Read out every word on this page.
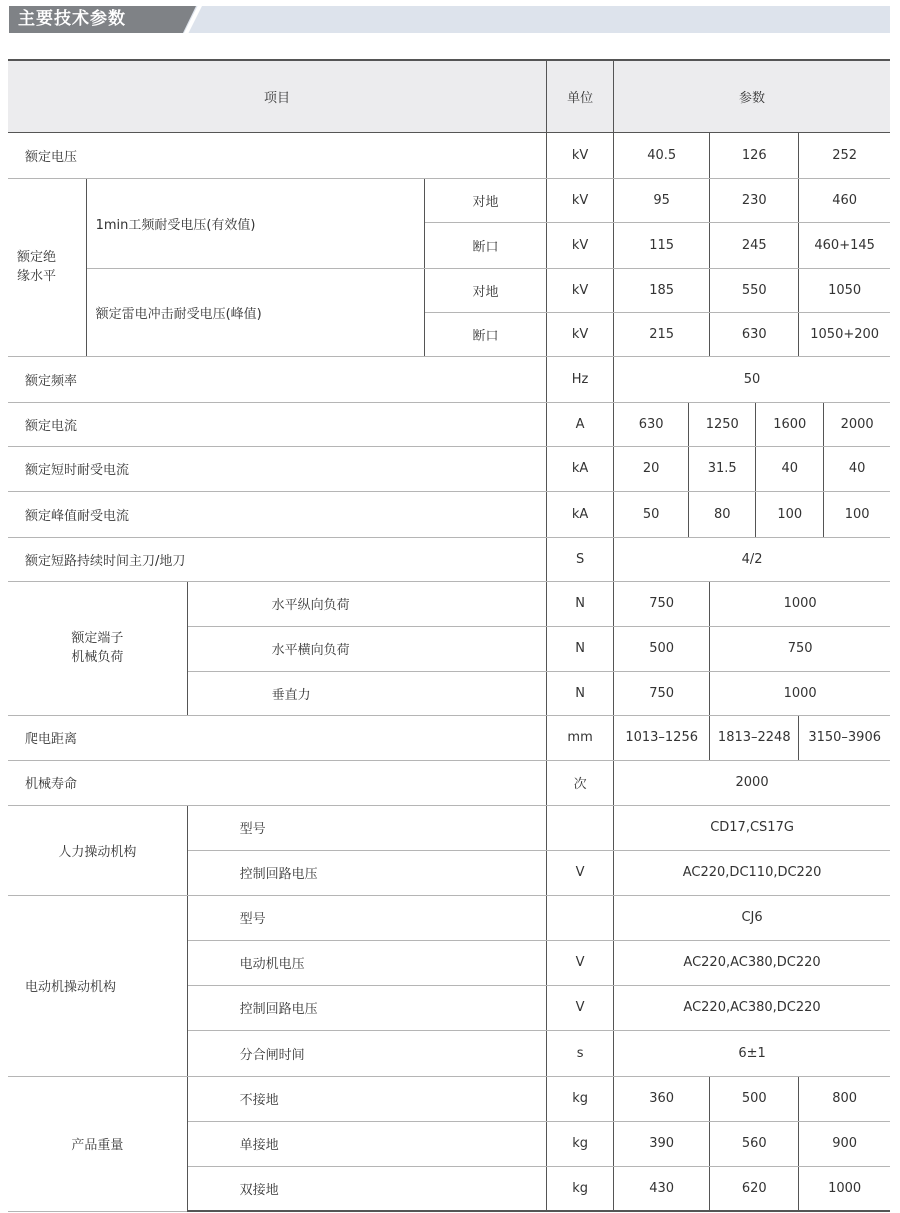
主要技术参数
项目				单位	参数					
额定电压				kV	40.5		126		252	
额定绝
缘水平	1min工频耐受电压(有效值)		对地	kV	95		230		460	
			断口	kV	115		245		460+145	
	额定雷电冲击耐受电压(峰值)		对地	kV	185		550		1050	
			断口	kV	215		630		1050+200	
额定频率				Hz	50					
额定电流				A	630	1250		1600		2000
额定短时耐受电流				kA	20	31.5		40		40
额定峰值耐受电流				kA	50	80		100		100
额定短路持续时间主刀/地刀				S	4/2					
额定端子
机械负荷		水平纵向负荷		N	750		1000			
		水平横向负荷		N	500		750			
		垂直力		N	750		1000			
爬电距离				mm	1013–1256		1813–2248		3150–3906	
机械寿命				次	2000					
人力操动机构		型号			CD17,CS17G					
		控制回路电压		V	AC220,DC110,DC220					
电动机操动机构		型号			CJ6					
		电动机电压		V	AC220,AC380,DC220					
		控制回路电压		V	AC220,AC380,DC220					
		分合闸时间		s	6±1					
产品重量		不接地		kg	360		500		800	
		单接地		kg	390		560		900	
		双接地		kg	430		620		1000	
